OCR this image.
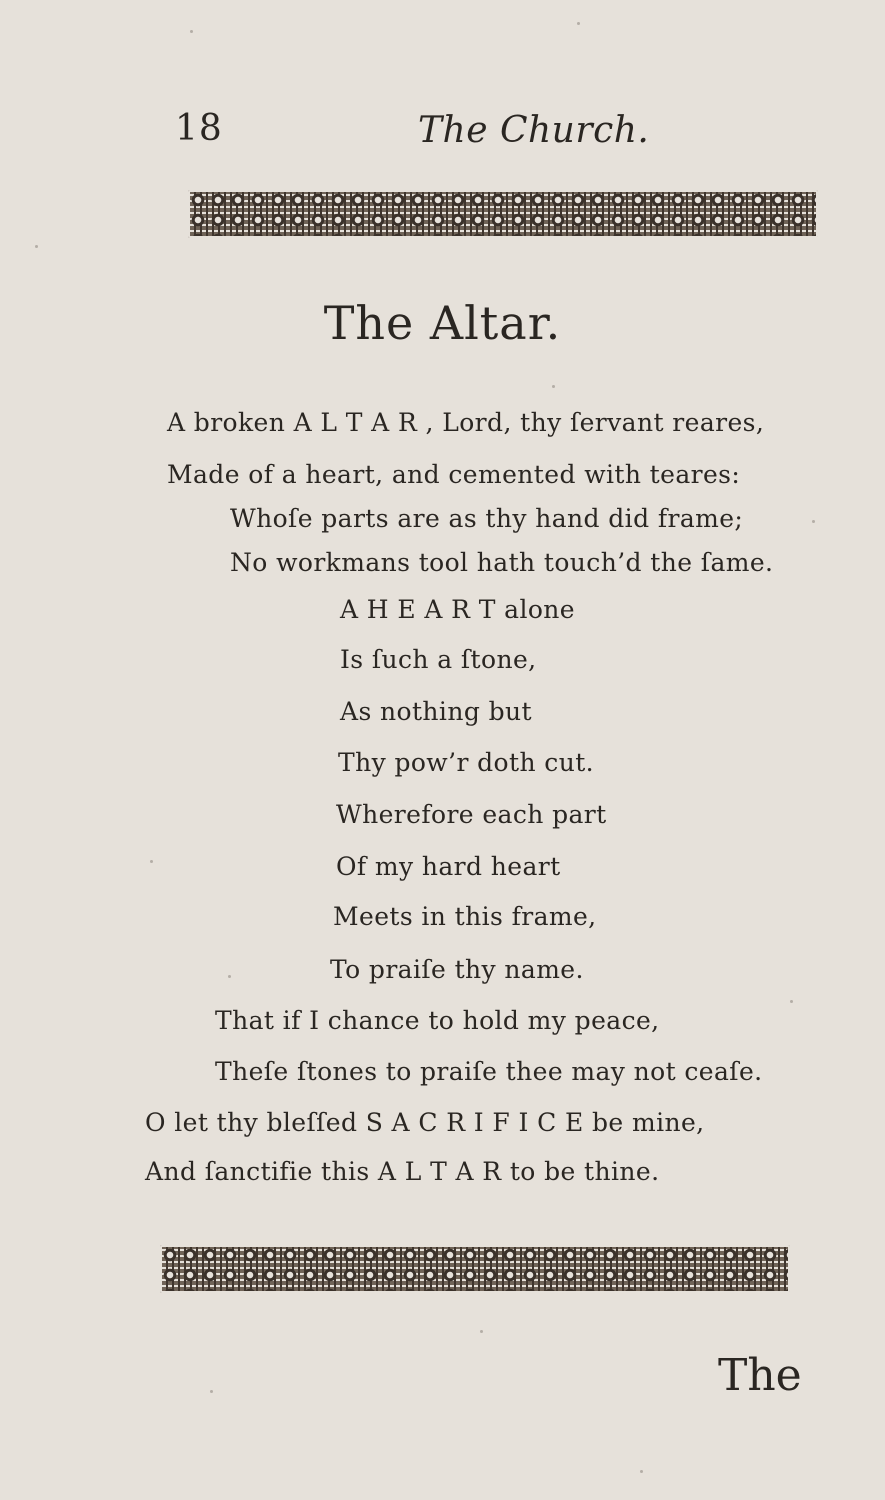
18	The Church.
The Altar.
A broken A L T A R , Lord, thy ſervant reares,
Made of a heart, and cemented with teares:
Whoſe parts are as thy hand did frame;
No workmans tool hath touch’d the ſame.
A H E A R T alone
Is ſuch a ſtone,
As nothing but
Thy pow’r doth cut.
Wherefore each part
Of my hard heart
Meets in this frame,
To praiſe thy name.
That if I chance to hold my peace,
Theſe ſtones to praiſe thee may not ceaſe.
O let thy bleſſed S A C R I F I C E be mine,
And ſanctifie this A L T A R to be thine.
The
